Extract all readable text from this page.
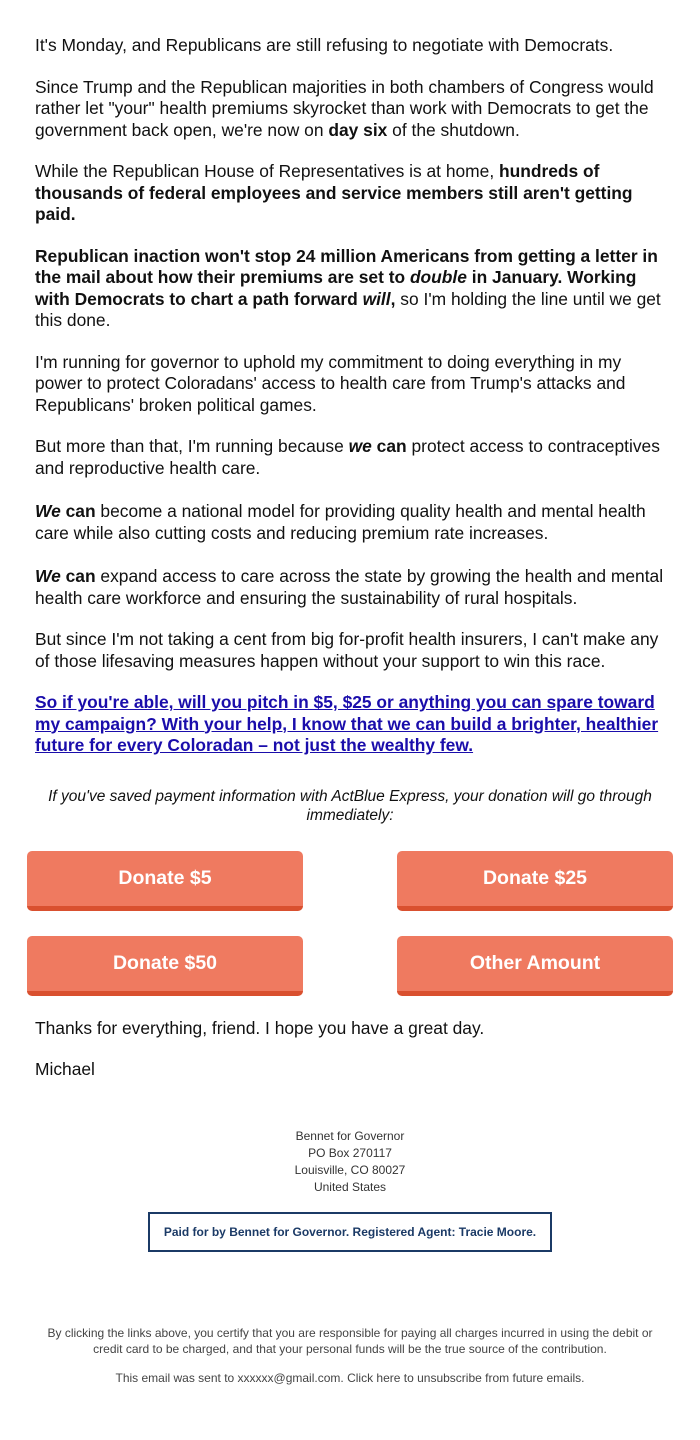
It's Monday, and Republicans are still refusing to negotiate with Democrats.

Since Trump and the Republican majorities in both chambers of Congress would rather let "your" health premiums skyrocket than work with Democrats to get the government back open, we're now on day six of the shutdown.

While the Republican House of Representatives is at home, hundreds of thousands of federal employees and service members still aren't getting paid.

Republican inaction won't stop 24 million Americans from getting a letter in the mail about how their premiums are set to double in January. Working with Democrats to chart a path forward will, so I'm holding the line until we get this done.

I'm running for governor to uphold my commitment to doing everything in my power to protect Coloradans' access to health care from Trump's attacks and Republicans' broken political games.

But more than that, I'm running because we can protect access to contraceptives and reproductive health care.

We can become a national model for providing quality health and mental health care while also cutting costs and reducing premium rate increases.

We can expand access to care across the state by growing the health and mental health care workforce and ensuring the sustainability of rural hospitals.

But since I'm not taking a cent from big for-profit health insurers, I can't make any of those lifesaving measures happen without your support to win this race.

So if you're able, will you pitch in $5, $25 or anything you can spare toward my campaign? With your help, I know that we can build a brighter, healthier future for every Coloradan – not just the wealthy few.

If you've saved payment information with ActBlue Express, your donation will go through immediately:

Donate $5	Donate $25
Donate $50	Other Amount

Thanks for everything, friend. I hope you have a great day.

Michael

Bennet for Governor
PO Box 270117
Louisville, CO 80027
United States
Paid for by Bennet for Governor. Registered Agent: Tracie Moore.

By clicking the links above, you certify that you are responsible for paying all charges incurred in using the debit or credit card to be charged, and that your personal funds will be the true source of the contribution.

This email was sent to xxxxxx@gmail.com. Click here to unsubscribe from future emails.
